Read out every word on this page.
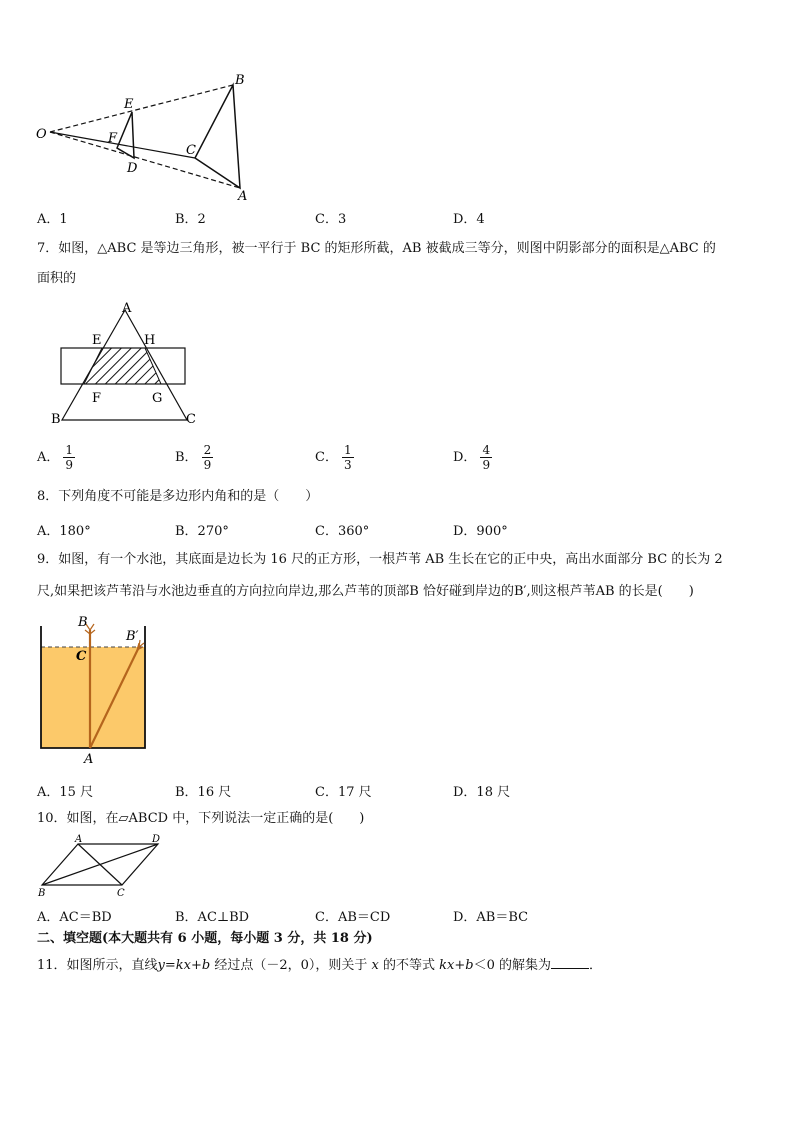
O
E
F
D
C
B
A
A．1	B．2	C．3	D．4
7．如图，△ABC 是等边三角形，被一平行于 BC 的矩形所截，AB 被截成三等分，则图中阴影部分的面积是△ABC 的
面积的
A
E	H
F	G
B	C
A． $\frac{1}{9}$	B． $\frac{2}{9}$	C． $\frac{1}{3}$	D． $\frac{4}{9}$
8．下列角度不可能是多边形内角和的是（　　）
A．180°	B．270°	C．360°	D．900°
9．如图，有一个水池，其底面是边长为 16 尺的正方形，一根芦苇 AB 生长在它的正中央，高出水面部分 BC 的长为 2
尺,如果把该芦苇沿与水池边垂直的方向拉向岸边,那么芦苇的顶部B 恰好碰到岸边的B′,则这根芦苇AB 的长是(　　)
B
B′
C
A
A．15 尺	B．16 尺	C．17 尺	D．18 尺
10．如图，在▱ABCD 中，下列说法一定正确的是(　　)
A	D
B	C
A．AC＝BD	B．AC⊥BD	C．AB＝CD	D．AB＝BC
二、填空题(本大题共有 6 小题，每小题 3 分，共 18 分)
11．如图所示，直线y=kx+b 经过点（－2，0），则关于 x 的不等式 kx+b＜0 的解集为	．
